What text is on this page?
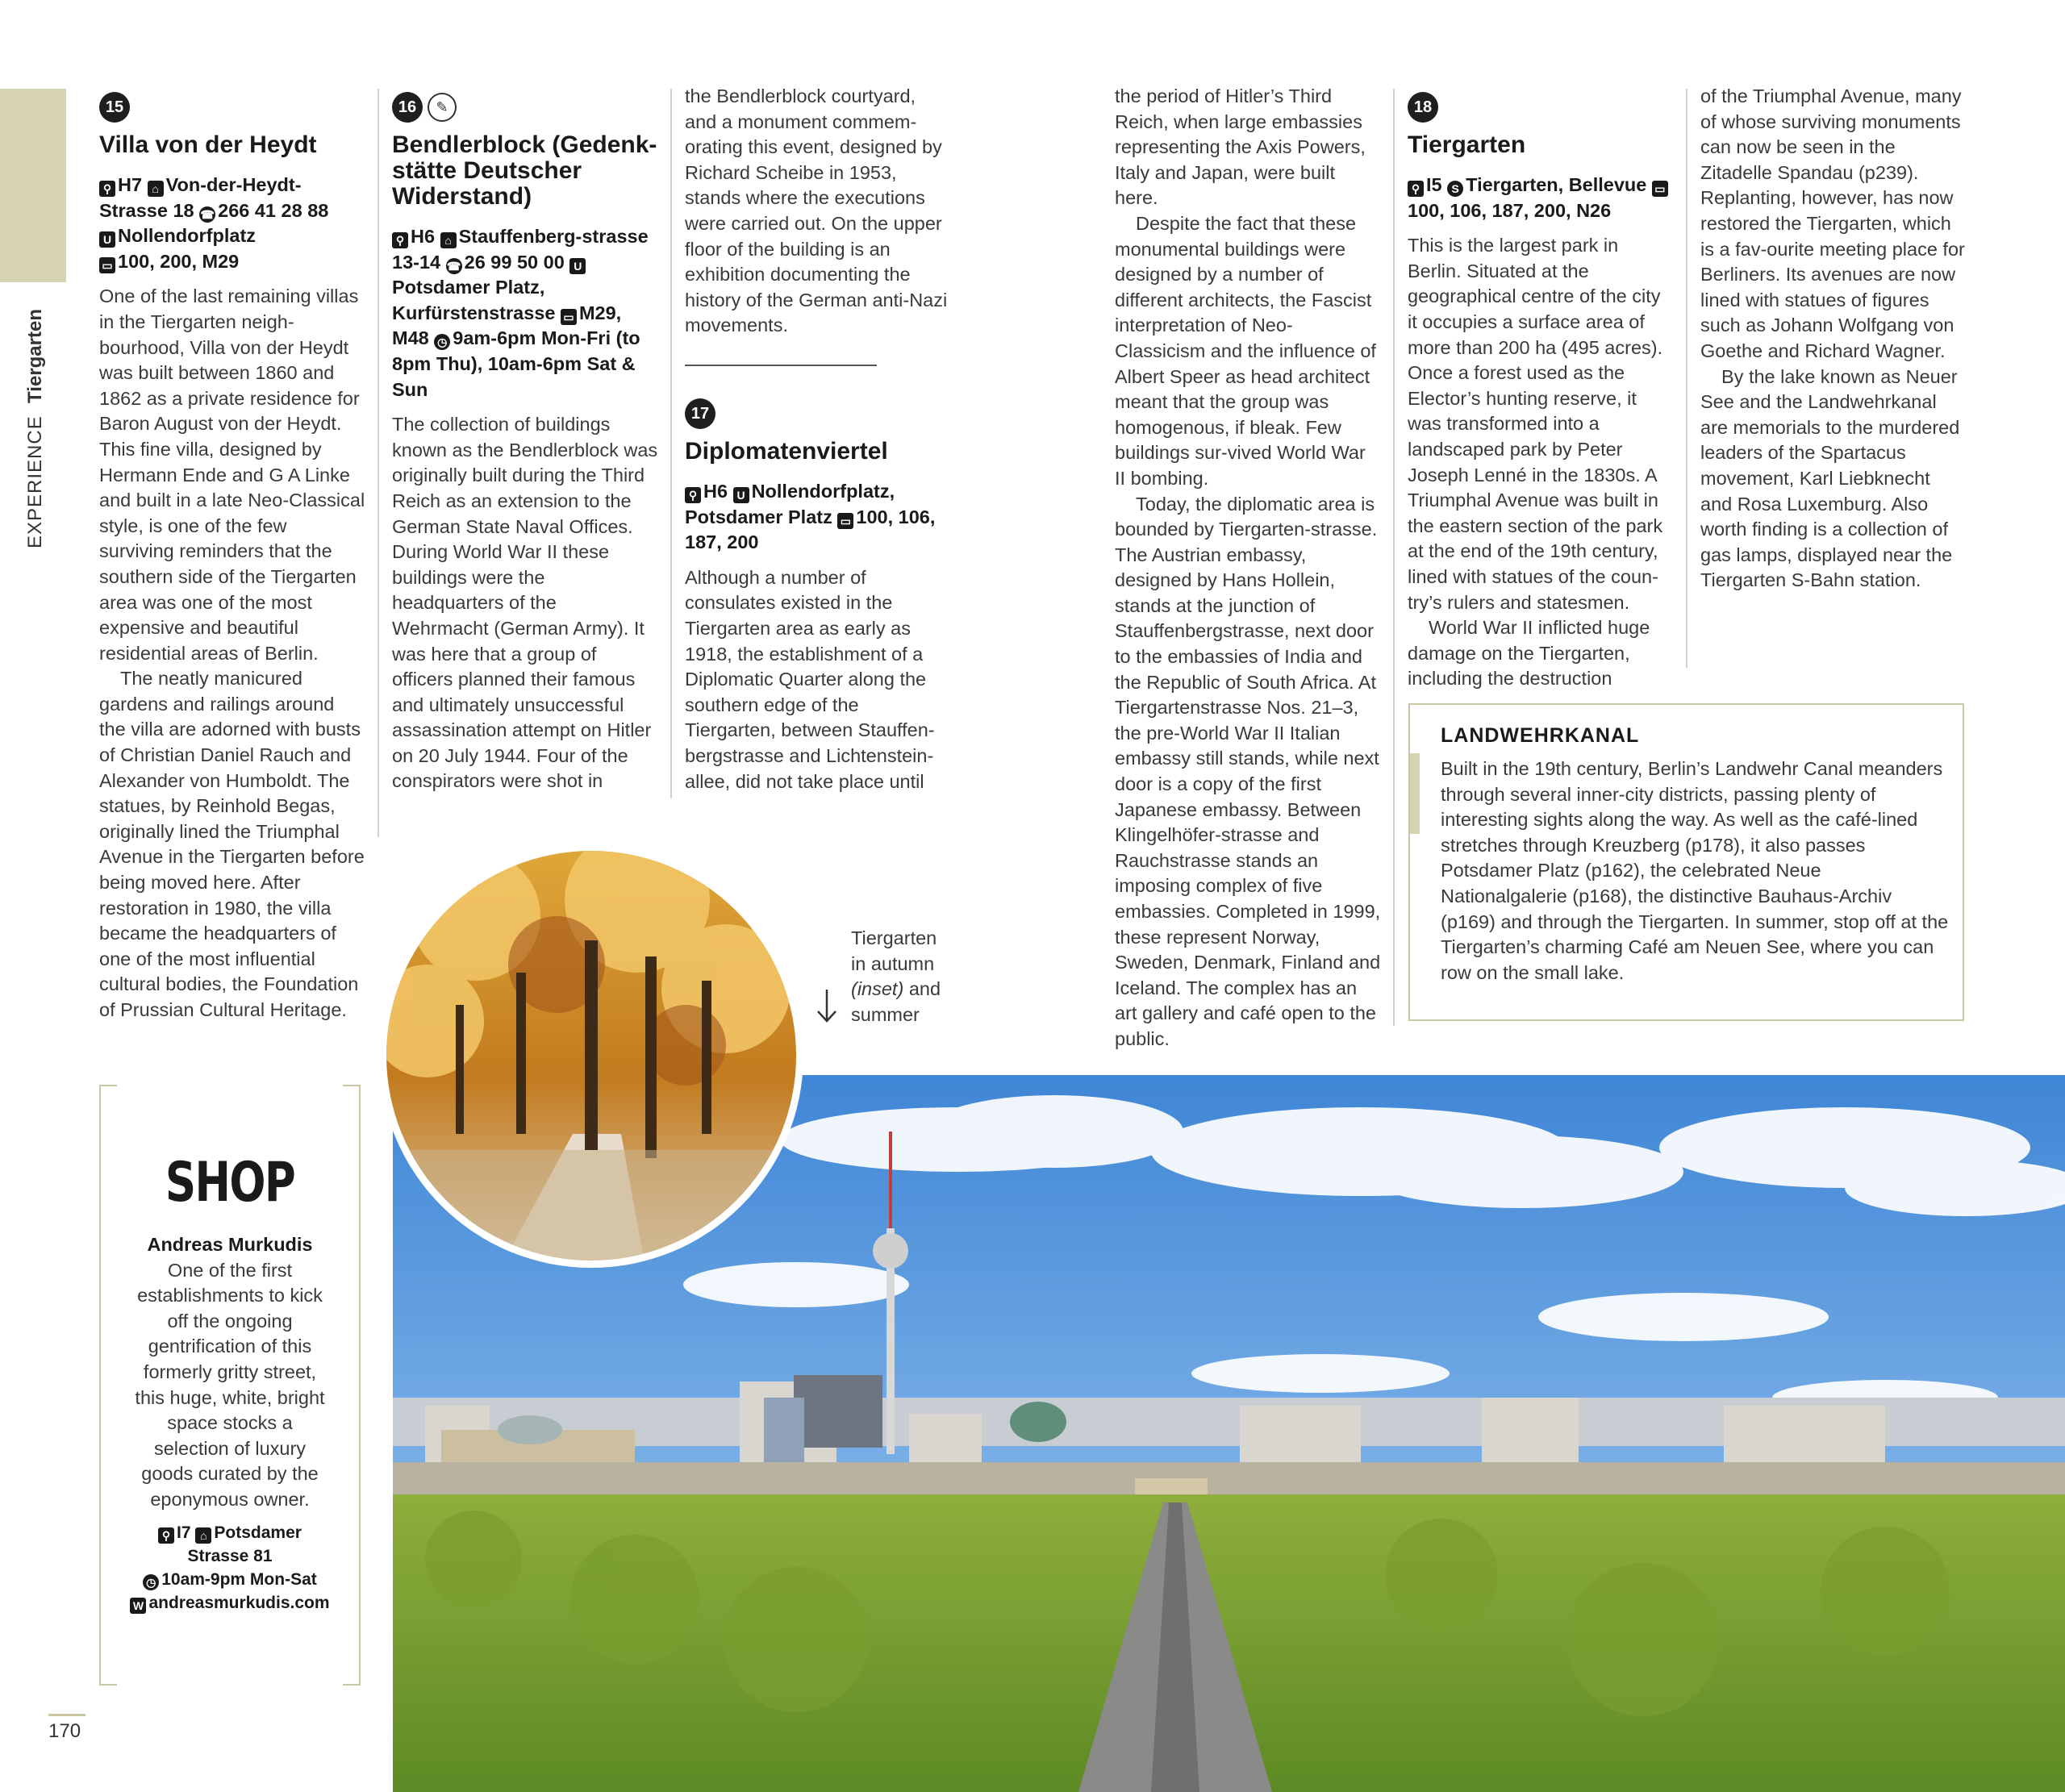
EXPERIENCE  Tiergarten
15
Villa von der Heydt
⚲ H7 ⌂ Von-der-Heydt-
Strasse 18 ☎ 266 41 28 88
U Nollendorfplatz
▭ 100, 200, M29

One of the last remaining villas in the Tiergarten neigh-bourhood, Villa von der Heydt was built between 1860 and 1862 as a private residence for Baron August von der Heydt. This fine villa, designed by Hermann Ende and G A Linke and built in a late Neo-Classical style, is one of the few surviving reminders that the southern side of the Tiergarten area was one of the most expensive and beautiful residential areas of Berlin.

The neatly manicured gardens and railings around the villa are adorned with busts of Christian Daniel Rauch and Alexander von Humboldt. The statues, by Reinhold Begas, originally lined the Triumphal Avenue in the Tiergarten before being moved here. After restoration in 1980, the villa became the headquarters of one of the most influential cultural bodies, the Foundation of Prussian Cultural Heritage.

16	✎
Bendlerblock (Gedenk-stätte Deutscher Widerstand)
⚲ H6 ⌂ Stauffenberg-strasse 13-14 ☎ 26 99 50 00 UPotsdamer Platz, Kurfürstenstrasse ▭ M29, M48 ◷ 9am-6pm Mon-Fri (to 8pm Thu), 10am-6pm Sat & Sun

The collection of buildings known as the Bendlerblock was originally built during the Third Reich as an extension to the German State Naval Offices. During World War II these buildings were the headquarters of the Wehrmacht (German Army). It was here that a group of officers planned their famous and ultimately unsuccessful assassination attempt on Hitler on 20 July 1944. Four of the conspirators were shot in

the Bendlerblock courtyard, and a monument commem-orating this event, designed by Richard Scheibe in 1953, stands where the executions were carried out. On the upper floor of the building is an exhibition documenting the history of the German anti-Nazi movements.

17
Diplomatenviertel
⚲ H6 U Nollendorfplatz, Potsdamer Platz ▭ 100, 106, 187, 200

Although a number of consulates existed in the Tiergarten area as early as 1918, the establishment of a Diplomatic Quarter along the southern edge of the Tiergarten, between Stauffen-bergstrasse and Lichtenstein-allee, did not take place until

the period of Hitler’s Third Reich, when large embassies representing the Axis Powers, Italy and Japan, were built here.

Despite the fact that these monumental buildings were designed by a number of different architects, the Fascist interpretation of Neo-Classicism and the influence of Albert Speer as head architect meant that the group was homogenous, if bleak. Few buildings sur-vived World War II bombing.

Today, the diplomatic area is bounded by Tiergarten-strasse. The Austrian embassy, designed by Hans Hollein, stands at the junction of Stauffenbergstrasse, next door to the embassies of India and the Republic of South Africa. At Tiergartenstrasse Nos. 21–3, the pre-World War II Italian embassy still stands, while next door is a copy of the first Japanese embassy. Between Klingelhöfer-strasse and Rauchstrasse stands an imposing complex of five embassies. Completed in 1999, these represent Norway, Sweden, Denmark, Finland and Iceland. The complex has an art gallery and café open to the public.

18
Tiergarten
⚲ I5 S Tiergarten, Bellevue ▭100, 106, 187, 200, N26

This is the largest park in Berlin. Situated at the geographical centre of the city it occupies a surface area of more than 200 ha (495 acres). Once a forest used as the Elector’s hunting reserve, it was transformed into a landscaped park by Peter Joseph Lenné in the 1830s. A Triumphal Avenue was built in the eastern section of the park at the end of the 19th century, lined with statues of the coun-try’s rulers and statesmen.

World War II inflicted huge damage on the Tiergarten, including the destruction

of the Triumphal Avenue, many of whose surviving monuments can now be seen in the Zitadelle Spandau (p239). Replanting, however, has now restored the Tiergarten, which is a fav-ourite meeting place for Berliners. Its avenues are now lined with statues of figures such as Johann Wolfgang von Goethe and Richard Wagner.

By the lake known as Neuer See and the Landwehrkanal are memorials to the murdered leaders of the Spartacus movement, Karl Liebknecht and Rosa Luxemburg. Also worth finding is a collection of gas lamps, displayed near the Tiergarten S-Bahn station.

LANDWEHRKANAL
Built in the 19th century, Berlin’s Landwehr Canal meanders through several inner-city districts, passing plenty of interesting sights along the way. As well as the café-lined stretches through Kreuzberg (p178), it also passes Potsdamer Platz (p162), the celebrated Neue Nationalgalerie (p168), the distinctive Bauhaus-Archiv (p169) and through the Tiergarten. In summer, stop off at the Tiergarten’s charming Café am Neuen See, where you can row on the small lake.
SHOP
Andreas Murkudis
One of the first establishments to kick off the ongoing gentrification of this formerly gritty street, this huge, white, bright space stocks a selection of luxury goods curated by the eponymous owner.
⚲ I7 ⌂ Potsdamer Strasse 81
◷ 10am-9pm Mon-Sat
W andreasmurkudis.com
Tiergarten
in autumn
(inset) and
summer
170
